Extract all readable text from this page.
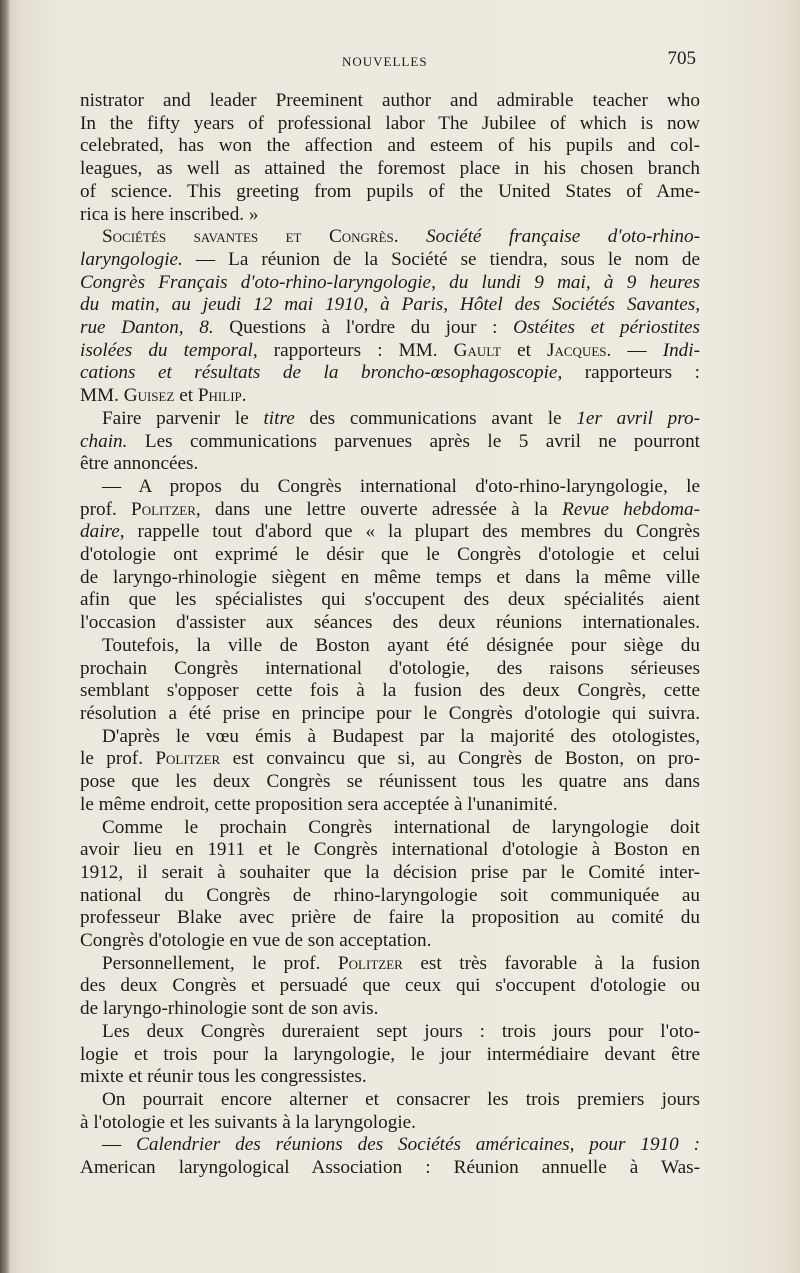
NOUVELLES	705
nistrator and leader Preeminent author and admirable teacher who
In the fifty years of professional labor The Jubilee of which is now
celebrated, has won the affection and esteem of his pupils and col-
leagues, as well as attained the foremost place in his chosen branch
of science. This greeting from pupils of the United States of Ame-
rica is here inscribed. »
Sociétés savantes et Congrès. Société française d'oto-rhino-
laryngologie. — La réunion de la Société se tiendra, sous le nom de
Congrès Français d'oto-rhino-laryngologie, du lundi 9 mai, à 9 heures
du matin, au jeudi 12 mai 1910, à Paris, Hôtel des Sociétés Savantes,
rue Danton, 8. Questions à l'ordre du jour : Ostéites et périostites
isolées du temporal, rapporteurs : MM. Gault et Jacques. — Indi-
cations et résultats de la broncho-œsophagoscopie, rapporteurs :
MM. Guisez et Philip.
Faire parvenir le titre des communications avant le 1er avril pro-
chain. Les communications parvenues après le 5 avril ne pourront
être annoncées.
— A propos du Congrès international d'oto-rhino-laryngologie, le
prof. Politzer, dans une lettre ouverte adressée à la Revue hebdoma-
daire, rappelle tout d'abord que « la plupart des membres du Congrès
d'otologie ont exprimé le désir que le Congrès d'otologie et celui
de laryngo-rhinologie siègent en même temps et dans la même ville
afin que les spécialistes qui s'occupent des deux spécialités aient
l'occasion d'assister aux séances des deux réunions internationales.
Toutefois, la ville de Boston ayant été désignée pour siège du
prochain Congrès international d'otologie, des raisons sérieuses
semblant s'opposer cette fois à la fusion des deux Congrès, cette
résolution a été prise en principe pour le Congrès d'otologie qui suivra.
D'après le vœu émis à Budapest par la majorité des otologistes,
le prof. Politzer est convaincu que si, au Congrès de Boston, on pro-
pose que les deux Congrès se réunissent tous les quatre ans dans
le même endroit, cette proposition sera acceptée à l'unanimité.
Comme le prochain Congrès international de laryngologie doit
avoir lieu en 1911 et le Congrès international d'otologie à Boston en
1912, il serait à souhaiter que la décision prise par le Comité inter-
national du Congrès de rhino-laryngologie soit communiquée au
professeur Blake avec prière de faire la proposition au comité du
Congrès d'otologie en vue de son acceptation.
Personnellement, le prof. Politzer est très favorable à la fusion
des deux Congrès et persuadé que ceux qui s'occupent d'otologie ou
de laryngo-rhinologie sont de son avis.
Les deux Congrès dureraient sept jours : trois jours pour l'oto-
logie et trois pour la laryngologie, le jour intermédiaire devant être
mixte et réunir tous les congressistes.
On pourrait encore alterner et consacrer les trois premiers jours
à l'otologie et les suivants à la laryngologie.
— Calendrier des réunions des Sociétés américaines, pour 1910 :
American laryngological Association : Réunion annuelle à Was-
